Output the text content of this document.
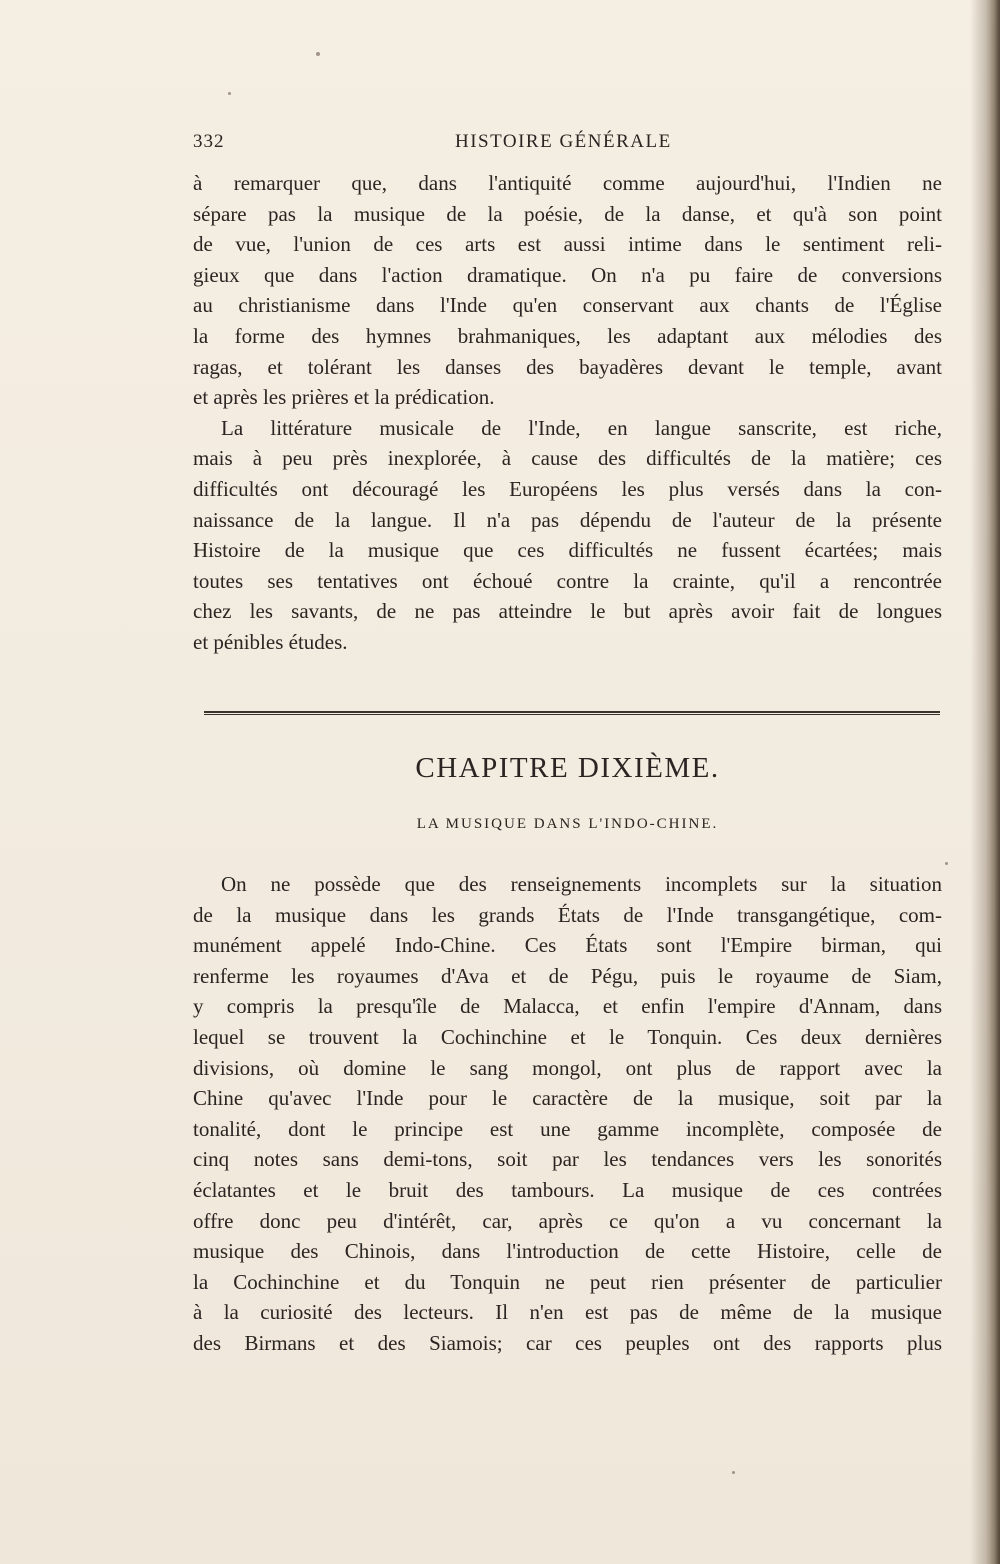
332	HISTOIRE GÉNÉRALE
à remarquer que, dans l'antiquité comme aujourd'hui, l'Indien ne
sépare pas la musique de la poésie, de la danse, et qu'à son point
de vue, l'union de ces arts est aussi intime dans le sentiment reli-
gieux que dans l'action dramatique. On n'a pu faire de conversions
au christianisme dans l'Inde qu'en conservant aux chants de l'Église
la forme des hymnes brahmaniques, les adaptant aux mélodies des
ragas, et tolérant les danses des bayadères devant le temple, avant
et après les prières et la prédication.
La littérature musicale de l'Inde, en langue sanscrite, est riche,
mais à peu près inexplorée, à cause des difficultés de la matière; ces
difficultés ont découragé les Européens les plus versés dans la con-
naissance de la langue. Il n'a pas dépendu de l'auteur de la présente
Histoire de la musique que ces difficultés ne fussent écartées; mais
toutes ses tentatives ont échoué contre la crainte, qu'il a rencontrée
chez les savants, de ne pas atteindre le but après avoir fait de longues
et pénibles études.
CHAPITRE DIXIÈME.
LA MUSIQUE DANS L'INDO-CHINE.
On ne possède que des renseignements incomplets sur la situation
de la musique dans les grands États de l'Inde transgangétique, com-
munément appelé Indo-Chine. Ces États sont l'Empire birman, qui
renferme les royaumes d'Ava et de Pégu, puis le royaume de Siam,
y compris la presqu'île de Malacca, et enfin l'empire d'Annam, dans
lequel se trouvent la Cochinchine et le Tonquin. Ces deux dernières
divisions, où domine le sang mongol, ont plus de rapport avec la
Chine qu'avec l'Inde pour le caractère de la musique, soit par la
tonalité, dont le principe est une gamme incomplète, composée de
cinq notes sans demi-tons, soit par les tendances vers les sonorités
éclatantes et le bruit des tambours. La musique de ces contrées
offre donc peu d'intérêt, car, après ce qu'on a vu concernant la
musique des Chinois, dans l'introduction de cette Histoire, celle de
la Cochinchine et du Tonquin ne peut rien présenter de particulier
à la curiosité des lecteurs. Il n'en est pas de même de la musique
des Birmans et des Siamois; car ces peuples ont des rapports plus
